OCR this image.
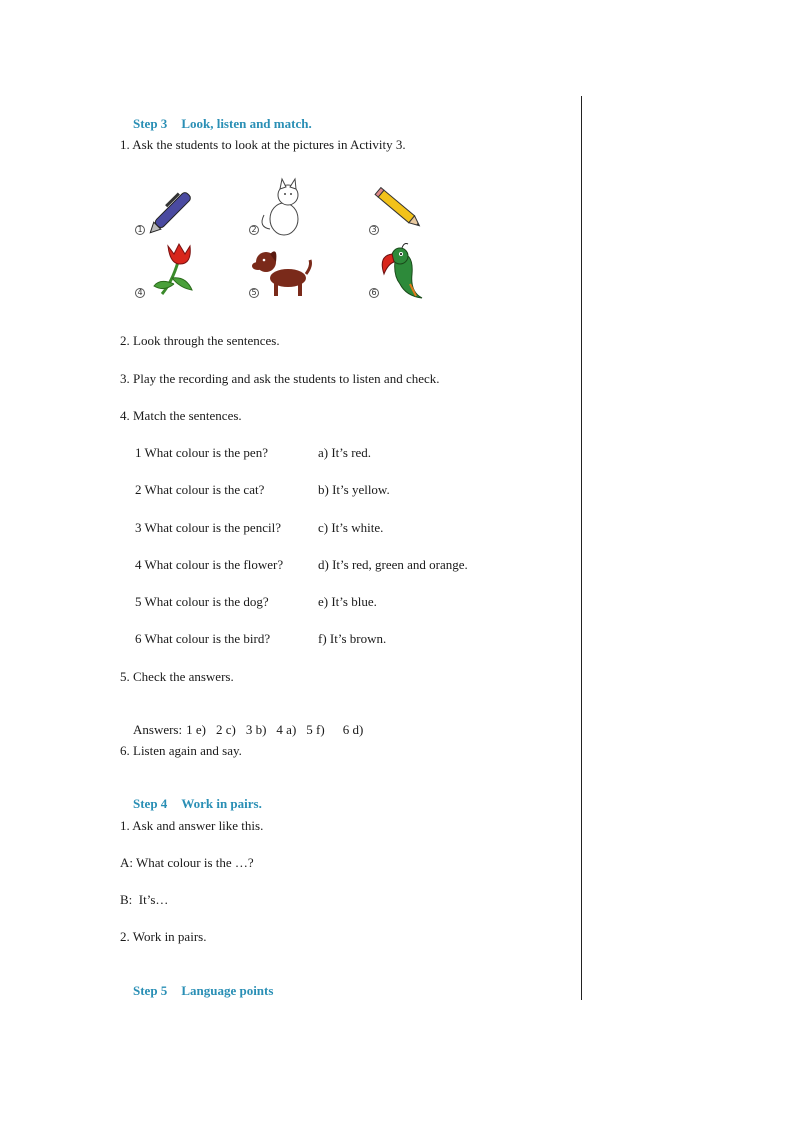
Step 3 Look, listen and match.

1. Ask the students to look at the pictures in Activity 3.
1	2	3
4	5	6
2. Look through the sentences.
3. Play the recording and ask the students to listen and check.
4. Match the sentences.
1 What colour is the pen?	a) It’s red.
2 What colour is the cat?	b) It’s yellow.
3 What colour is the pencil?	c) It’s white.
4 What colour is the flower?	d) It’s red, green and orange.
5 What colour is the dog?	e) It’s blue.
6 What colour is the bird?	f) It’s brown.
5. Check the answers.

Answers: 1 e) 2 c) 3 b) 4 a) 5 f) 6 d)

6. Listen again and say.

Step 4 Work in pairs.

1. Ask and answer like this.
A: What colour is the …?
B:  It’s…
2. Work in pairs.

Step 5 Language points
